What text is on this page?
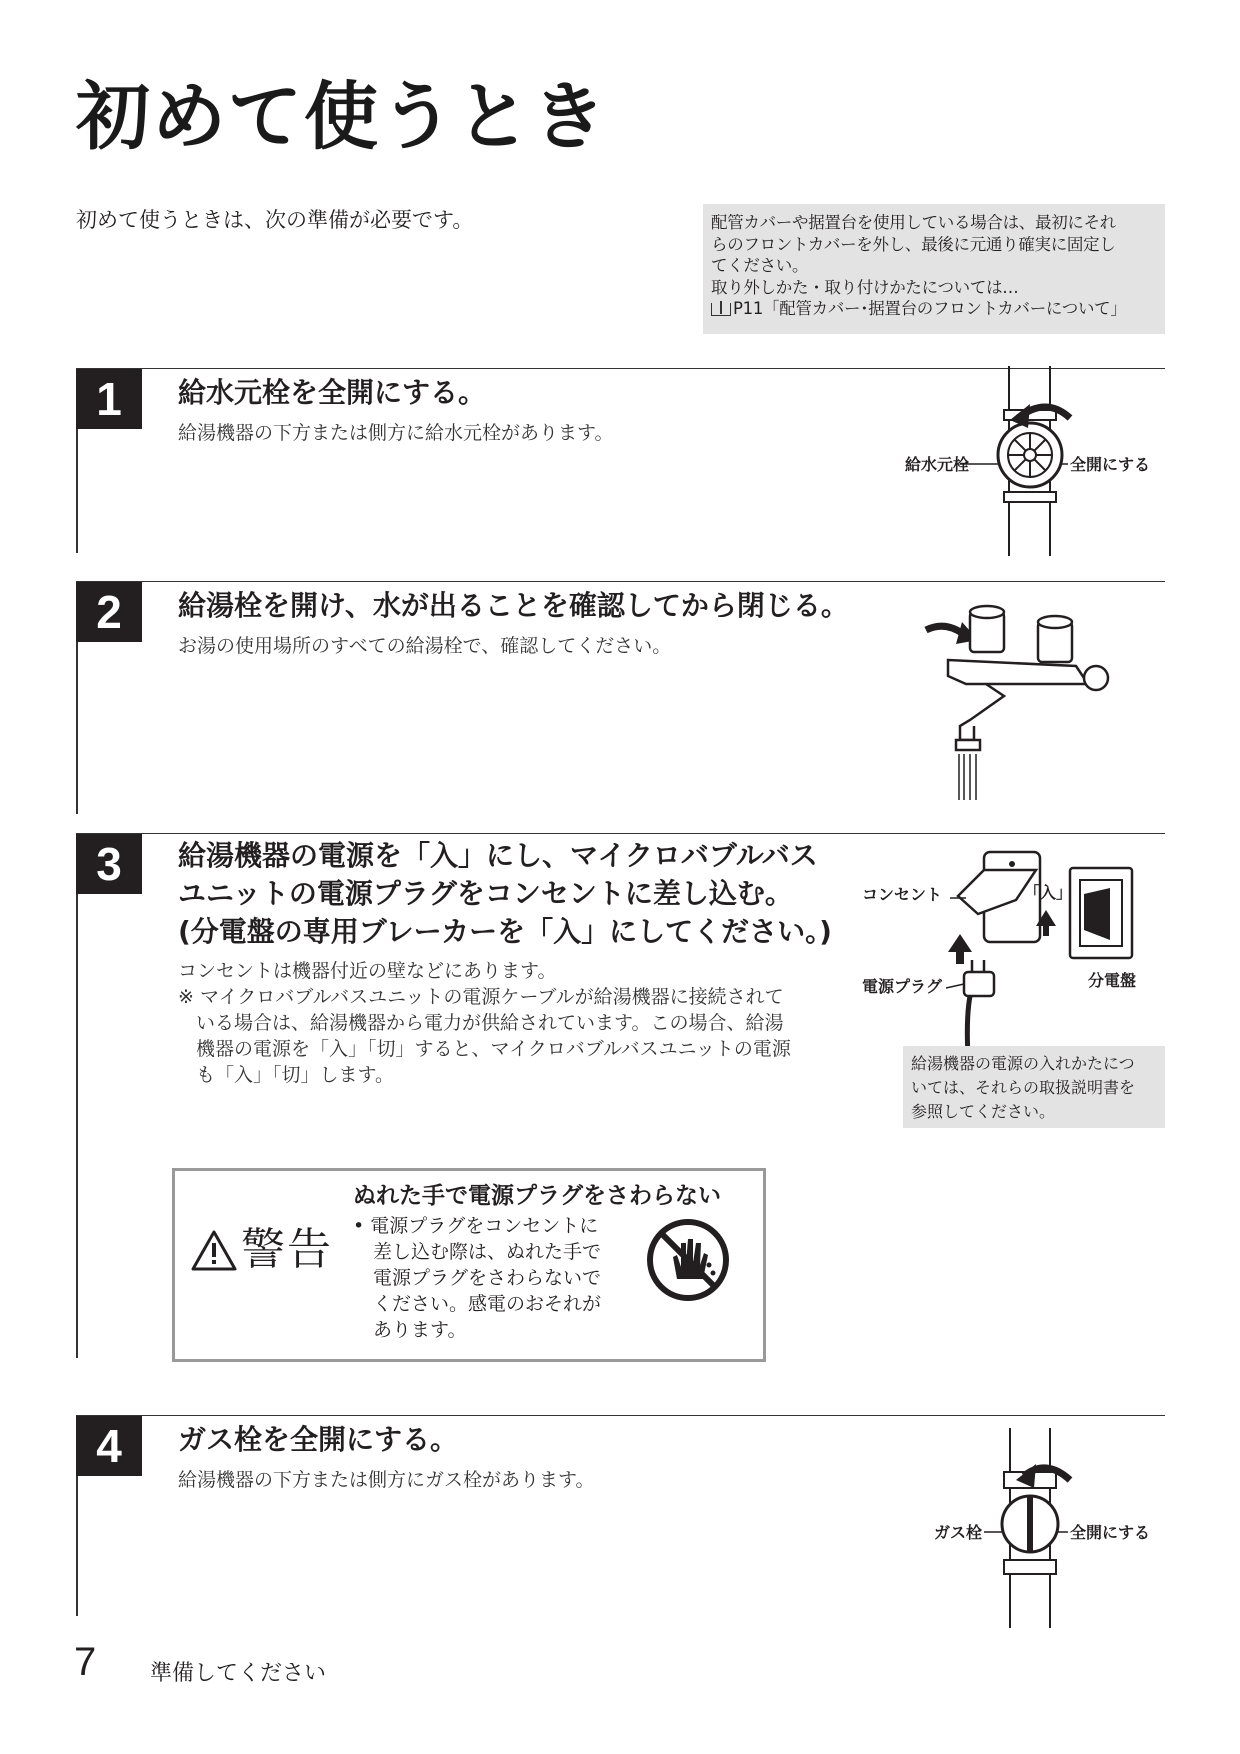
初めて使うとき
初めて使うときは、次の準備が必要です。	配管カバーや据置台を使用している場合は、最初にそれ
らのフロントカバーを外し、最後に元通り確実に固定し
てください。
取り外しかた・取り付けかたについては…
P11「配管カバー･据置台のフロントカバーについて」
1	給水元栓を全開にする。
給湯機器の下方または側方に給水元栓があります。
給水元栓	全開にする
2	給湯栓を開け、水が出ることを確認してから閉じる。
お湯の使用場所のすべての給湯栓で、確認してください。
3	給湯機器の電源を「入」にし、マイクロバブルバス
ユニットの電源プラグをコンセントに差し込む。
(分電盤の専用ブレーカーを「入」にしてください。)
コンセントは機器付近の壁などにあります。
※ マイクロバブルバスユニットの電源ケーブルが給湯機器に接続されて
いる場合は、給湯機器から電力が供給されています。この場合、給湯
機器の電源を「入」「切」すると、マイクロバブルバスユニットの電源
も「入」「切」します。
コンセント
電源プラグ
「入」
分電盤
給湯機器の電源の入れかたにつ
いては、それらの取扱説明書を
参照してください。
警告
ぬれた手で電源プラグをさわらない
• 電源プラグをコンセントに
差し込む際は、ぬれた手で
電源プラグをさわらないで
ください。感電のおそれが
あります。
4	ガス栓を全開にする。
給湯機器の下方または側方にガス栓があります。
ガス栓	全開にする
7 準備してください
